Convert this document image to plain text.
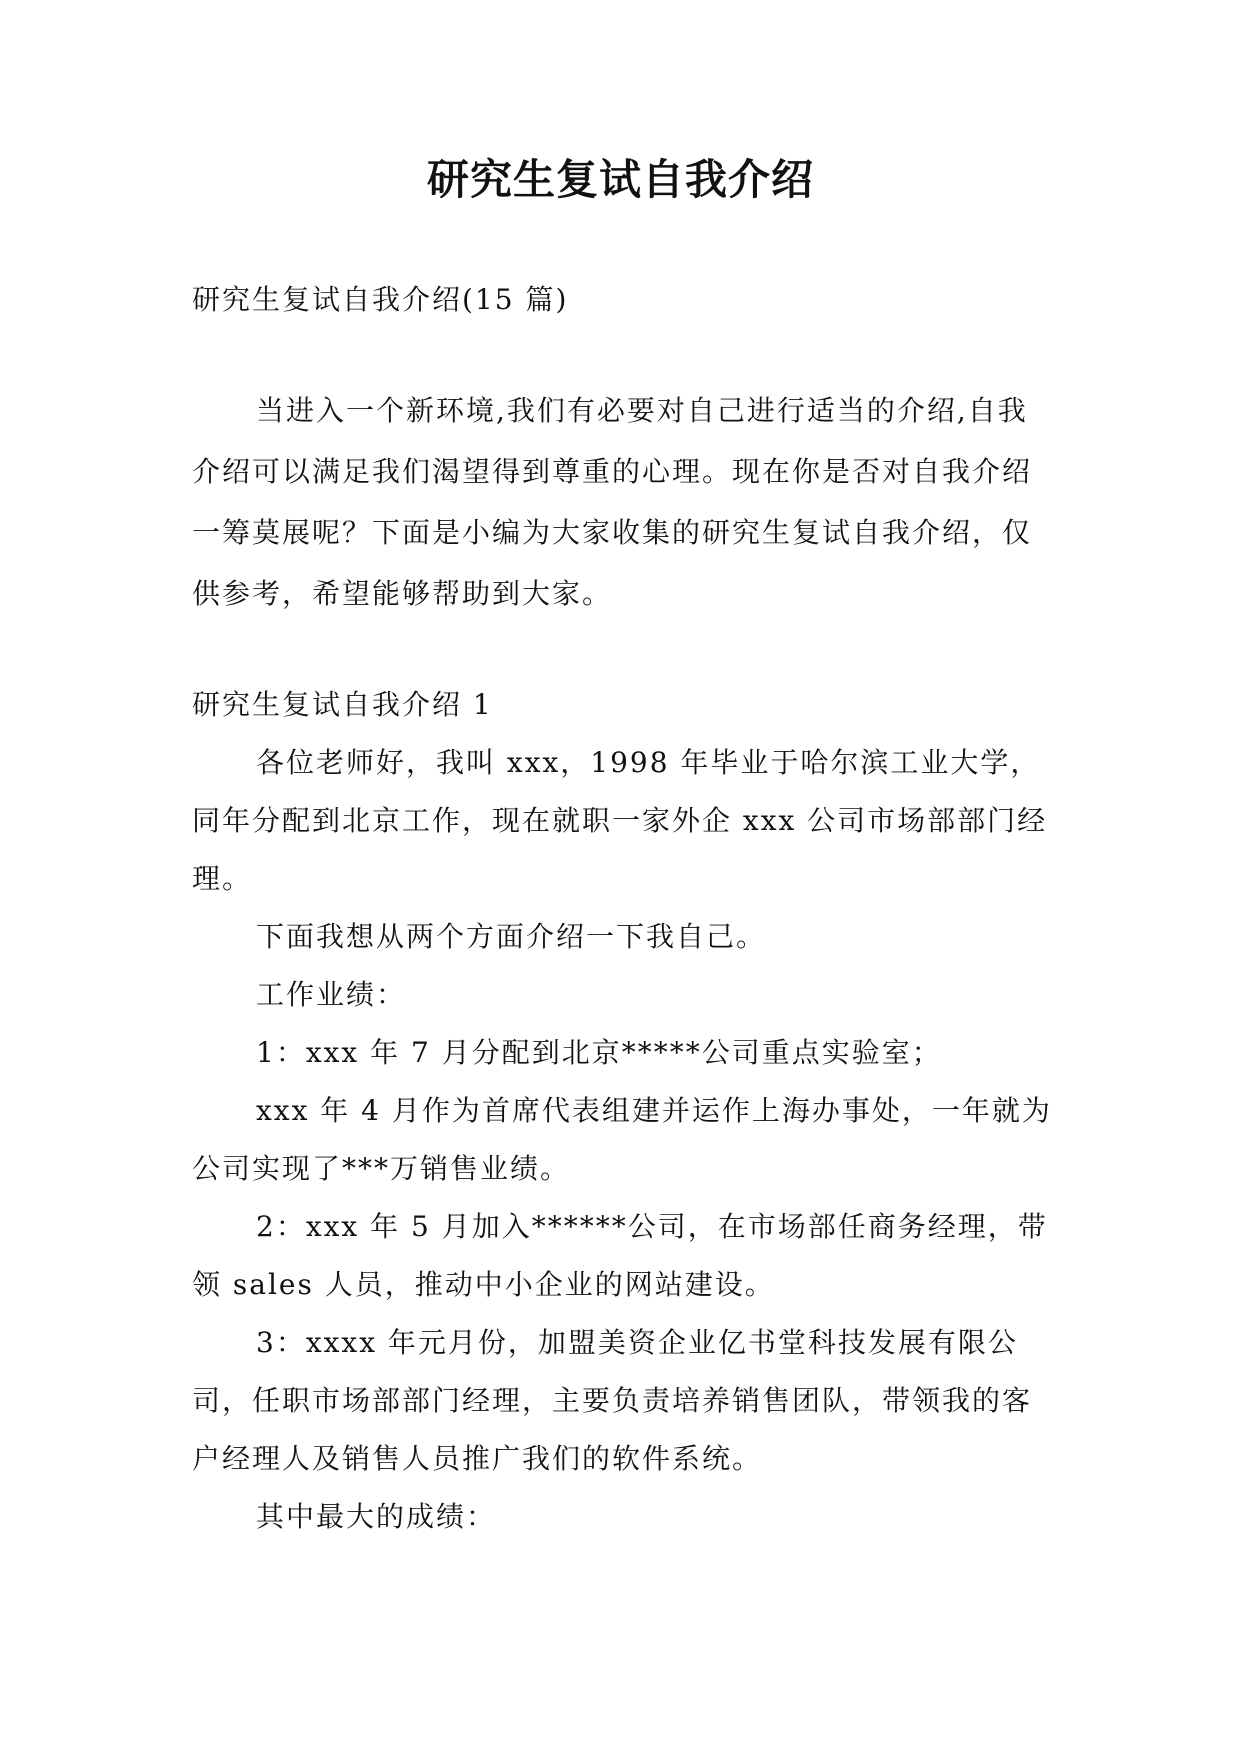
研究生复试自我介绍

研究生复试自我介绍(15 篇)

当进入一个新环境,我们有必要对自己进行适当的介绍,自我介绍可以满足我们渴望得到尊重的心理。现在你是否对自我介绍一筹莫展呢？下面是小编为大家收集的研究生复试自我介绍，仅供参考，希望能够帮助到大家。

研究生复试自我介绍 1

各位老师好，我叫 xxx，1998 年毕业于哈尔滨工业大学，同年分配到北京工作，现在就职一家外企 xxx 公司市场部部门经理。

下面我想从两个方面介绍一下我自己。

工作业绩：

1：xxx 年 7 月分配到北京*****公司重点实验室；

xxx 年 4 月作为首席代表组建并运作上海办事处，一年就为公司实现了***万销售业绩。

2：xxx 年 5 月加入******公司，在市场部任商务经理，带领 sales 人员，推动中小企业的网站建设。

3：xxxx 年元月份，加盟美资企业亿书堂科技发展有限公司，任职市场部部门经理，主要负责培养销售团队，带领我的客户经理人及销售人员推广我们的软件系统。

其中最大的成绩：
